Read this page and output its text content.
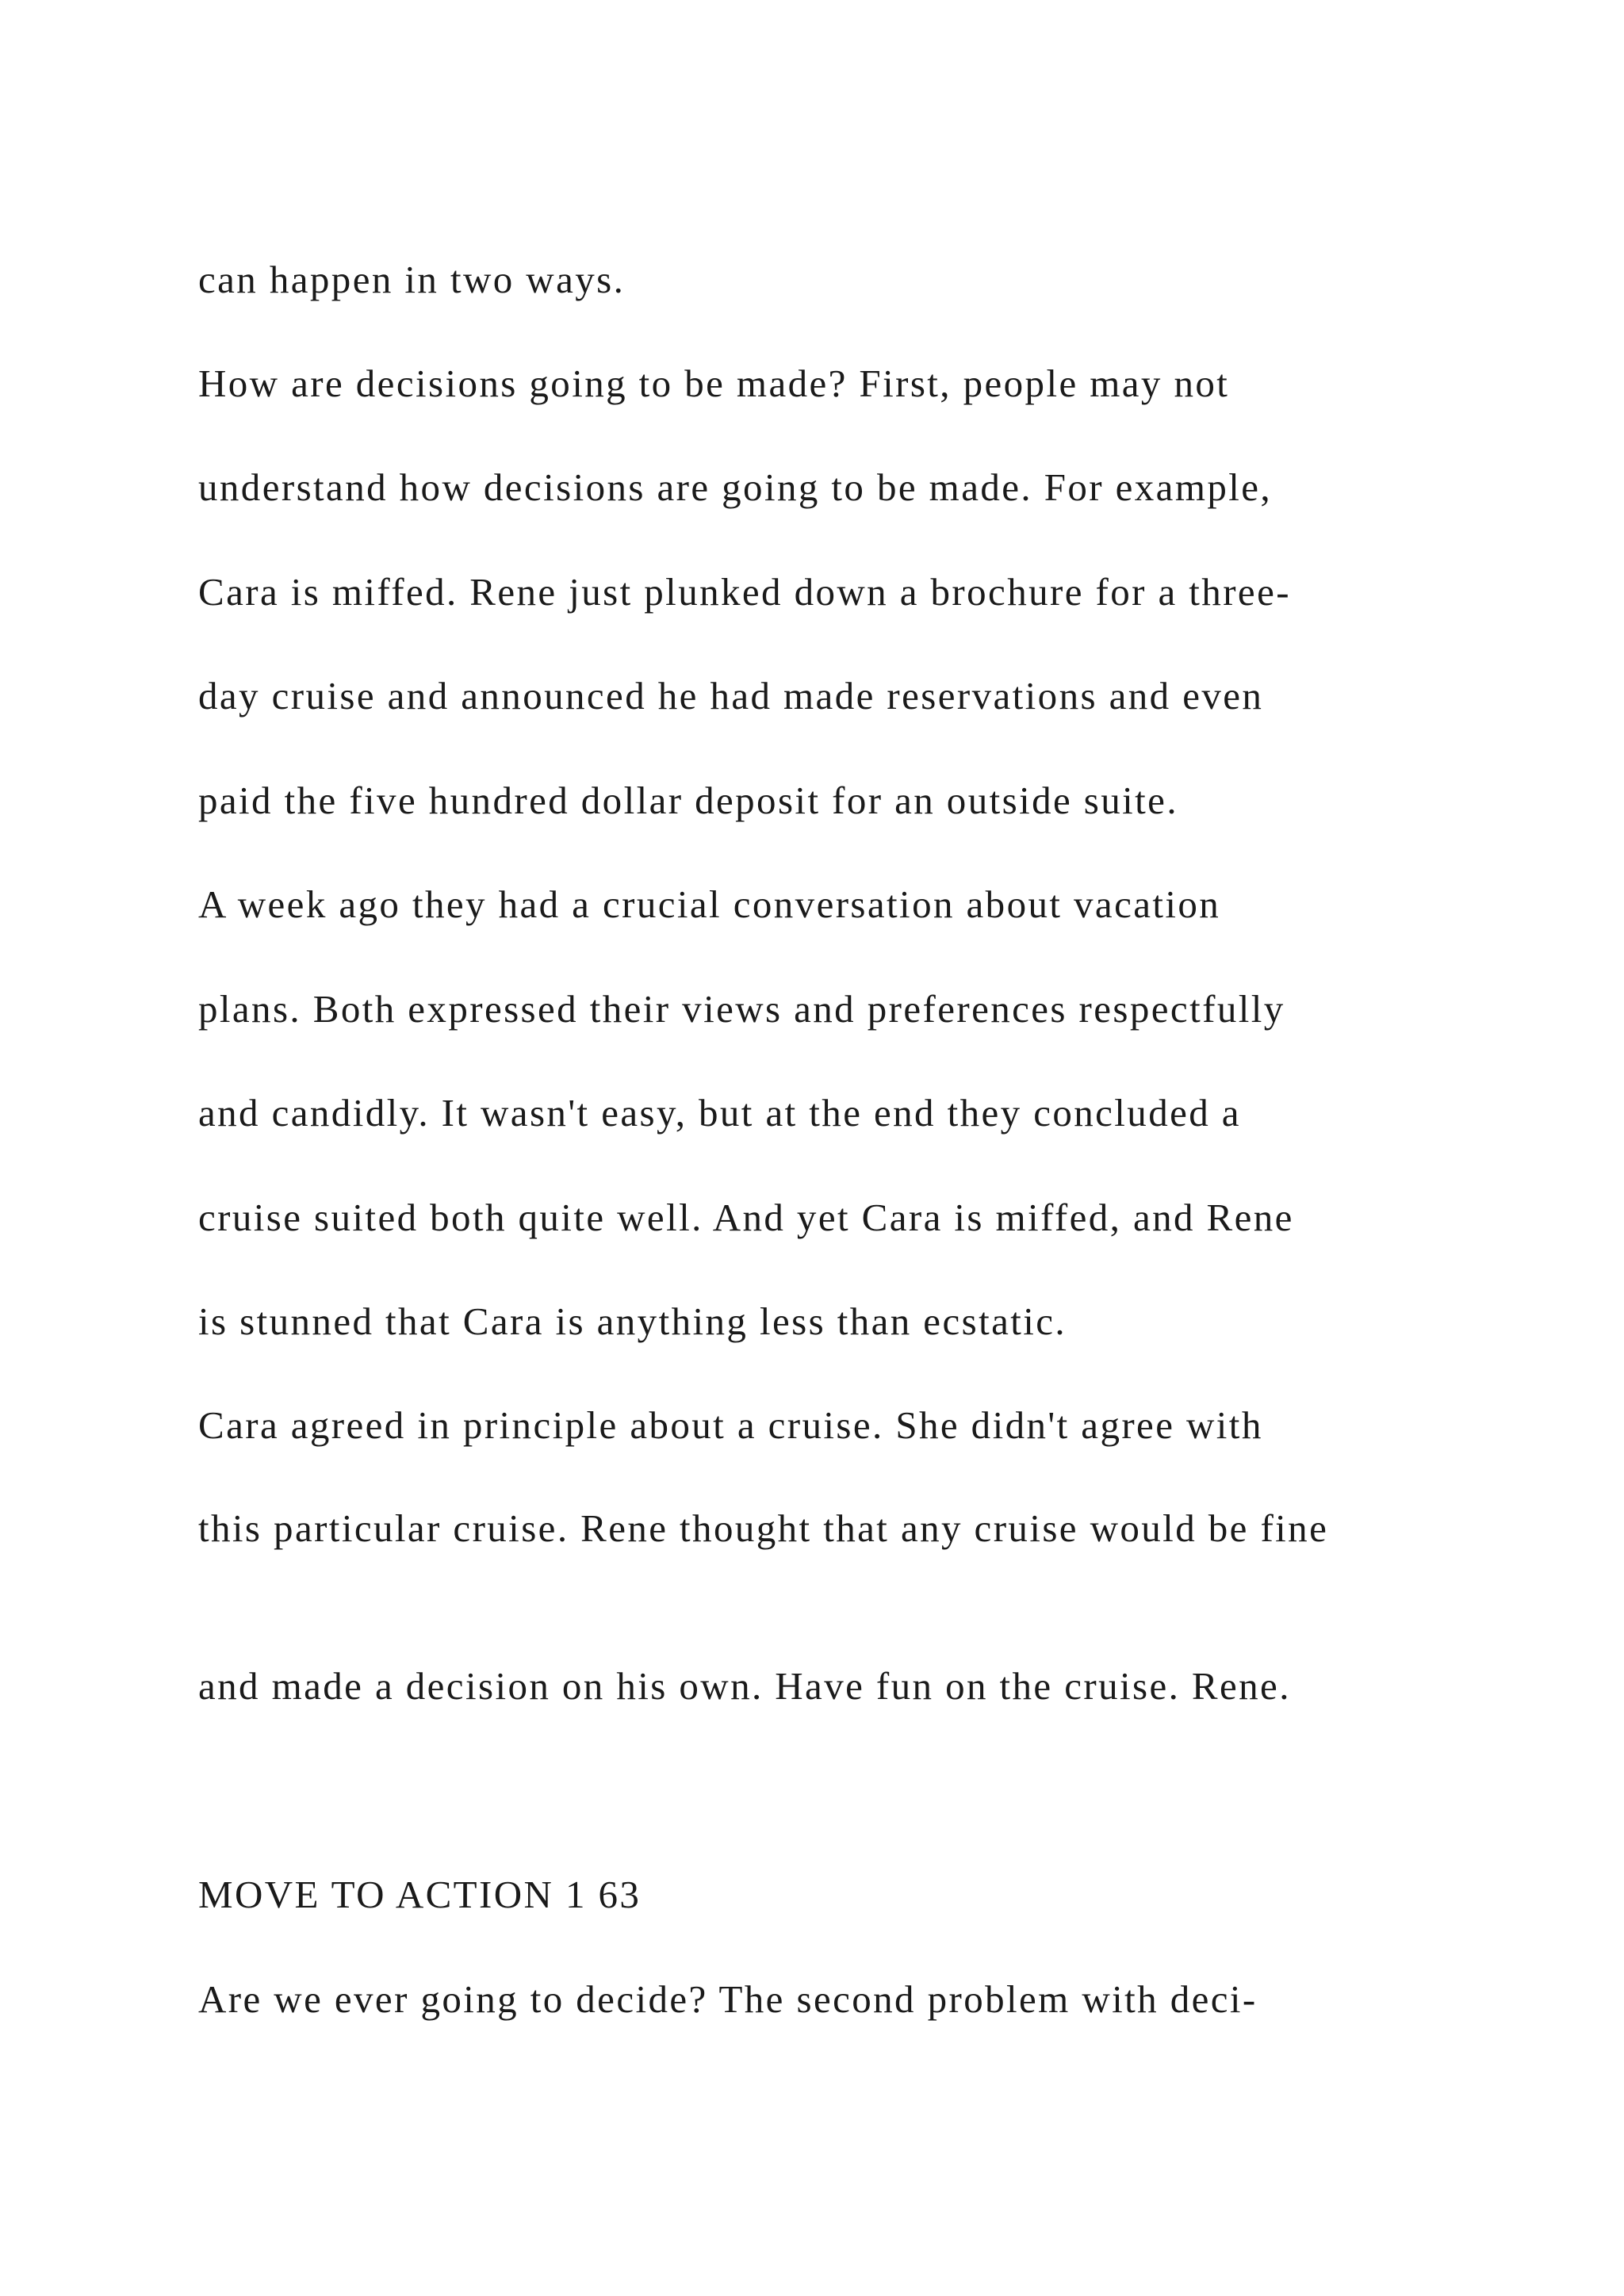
can happen in two ways.
How are decisions going to be made? First, people may not
understand how decisions are going to be made. For example,
Cara is miffed. Rene just plunked down a brochure for a three-
day cruise and announced he had made reservations and even
paid the five hundred dollar deposit for an outside suite.
A week ago they had a crucial conversation about vacation
plans. Both expressed their views and preferences respectfully
and candidly. It wasn't easy, but at the end they concluded a
cruise suited both quite well. And yet Cara is miffed, and Rene
is stunned that Cara is anything less than ecstatic.
Cara agreed in principle about a cruise. She didn't agree with
this particular cruise. Rene thought that any cruise would be fine
and made a decision on his own. Have fun on the cruise. Rene.
MOVE TO ACTION 1 63
Are we ever going to decide? The second problem with deci-
